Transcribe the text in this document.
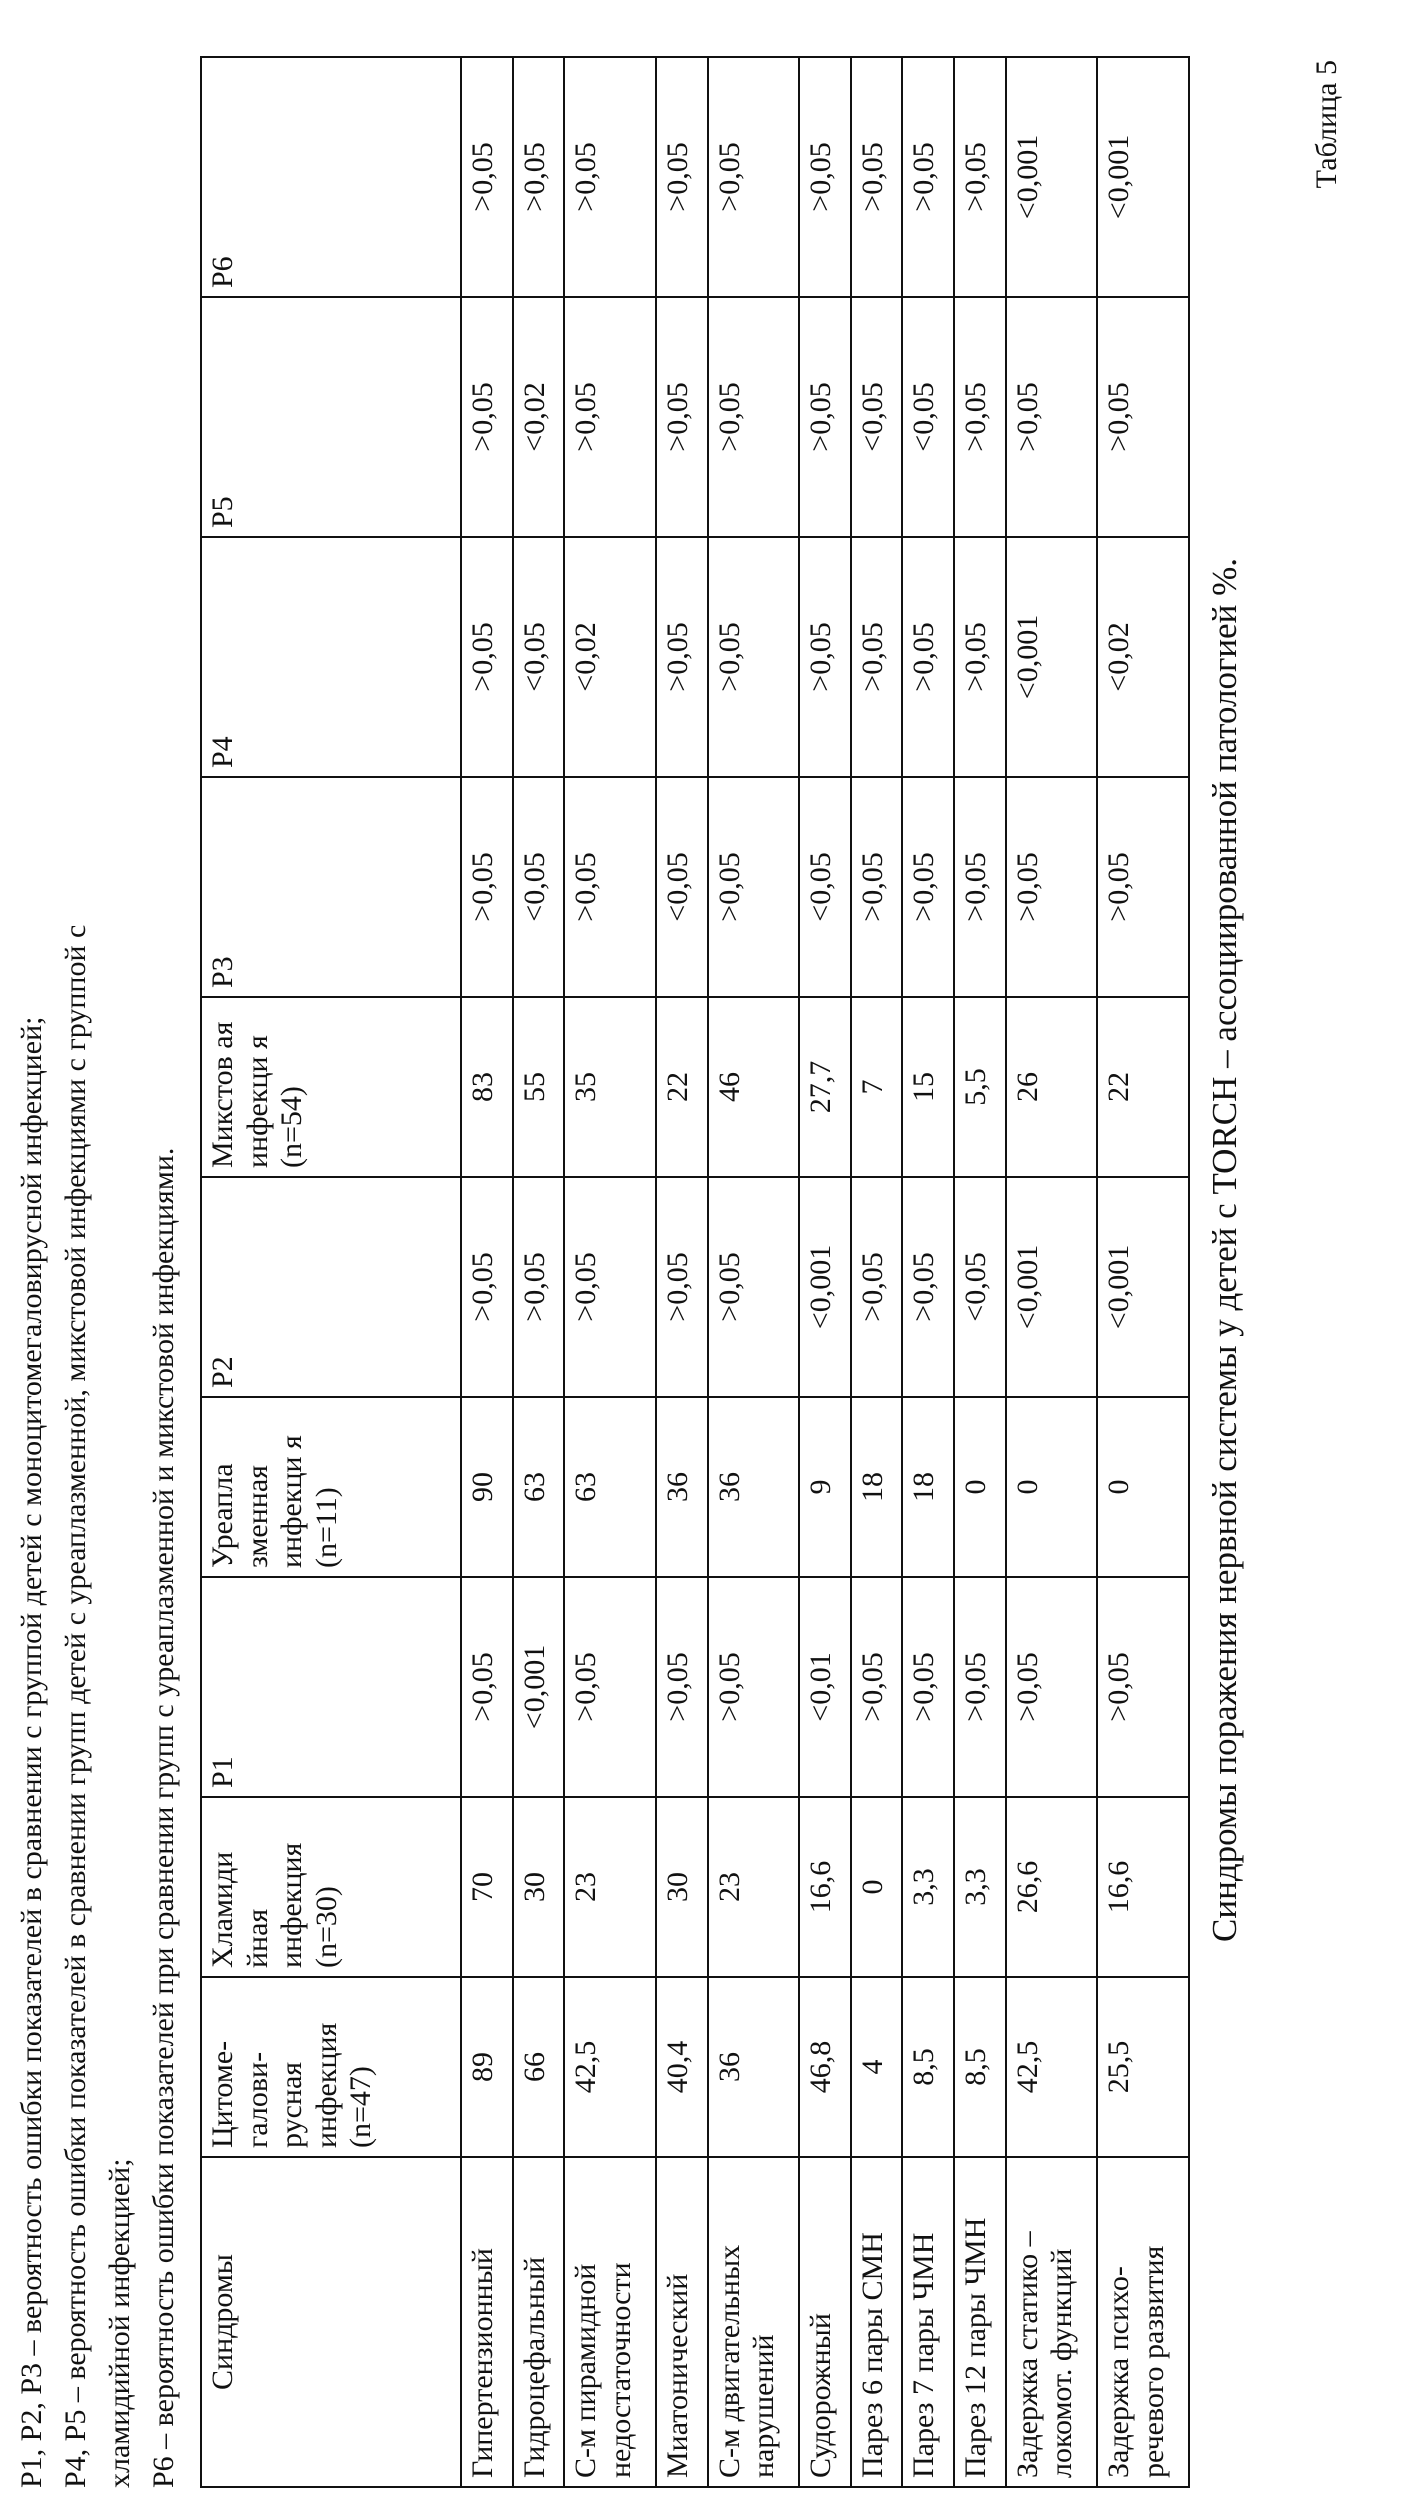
Таблица 5
Синдромы поражения нервной системы у детей с TORCH – ассоциированной патологией %.
Синдромы	Цитоме-галови-русная инфекция (n=47)	Хламиди йная инфекция (n=30)	P1	Уреапла зменная инфекци я (n=11)	P2	Микстов ая инфекци я (n=54)	P3	P4	P5	P6
Гипертензионный	89	70	>0,05	90	>0,05	83	>0,05	>0,05	>0,05	>0,05
Гидроцефальный	66	30	<0,001	63	>0,05	55	<0,05	<0,05	<0,02	>0,05
С-м пирамидной недостаточности	42,5	23	>0,05	63	>0,05	35	>0,05	<0,02	>0,05	>0,05
Миатонический	40,4	30	>0,05	36	>0,05	22	<0,05	>0,05	>0,05	>0,05
С-м двигательных нарушений	36	23	>0,05	36	>0,05	46	>0,05	>0,05	>0,05	>0,05
Судорожный	46,8	16,6	<0,01	9	<0,001	27,7	<0,05	>0,05	>0,05	>0,05
Парез 6 пары СМН	4	0	>0,05	18	>0,05	7	>0,05	>0,05	<0,05	>0,05
Парез 7 пары ЧМН	8,5	3,3	>0,05	18	>0,05	15	>0,05	>0,05	<0,05	>0,05
Парез 12 пары ЧМН	8,5	3,3	>0,05	0	<0,05	5,5	>0,05	>0,05	>0,05	>0,05
Задержка статико – локомот. функций	42,5	26,6	>0,05	0	<0,001	26	>0,05	<0,001	>0,05	<0,001
Задержка психо- речевого развития	25,5	16,6	>0,05	0	<0,001	22	>0,05	<0,02	>0,05	<0,001
P1, P2, P3 – вероятность ошибки показателей в сравнении с группой детей с моноцитомегаловирусной инфекцией; P4, P5 – вероятность ошибки показателей в сравнении групп детей с уреаплазменной, микстовой инфекциями с группой с хламидийной инфекцией; P6 – вероятность ошибки показателей при сравнении групп с уреаплазменной и микстовой инфекциями.
